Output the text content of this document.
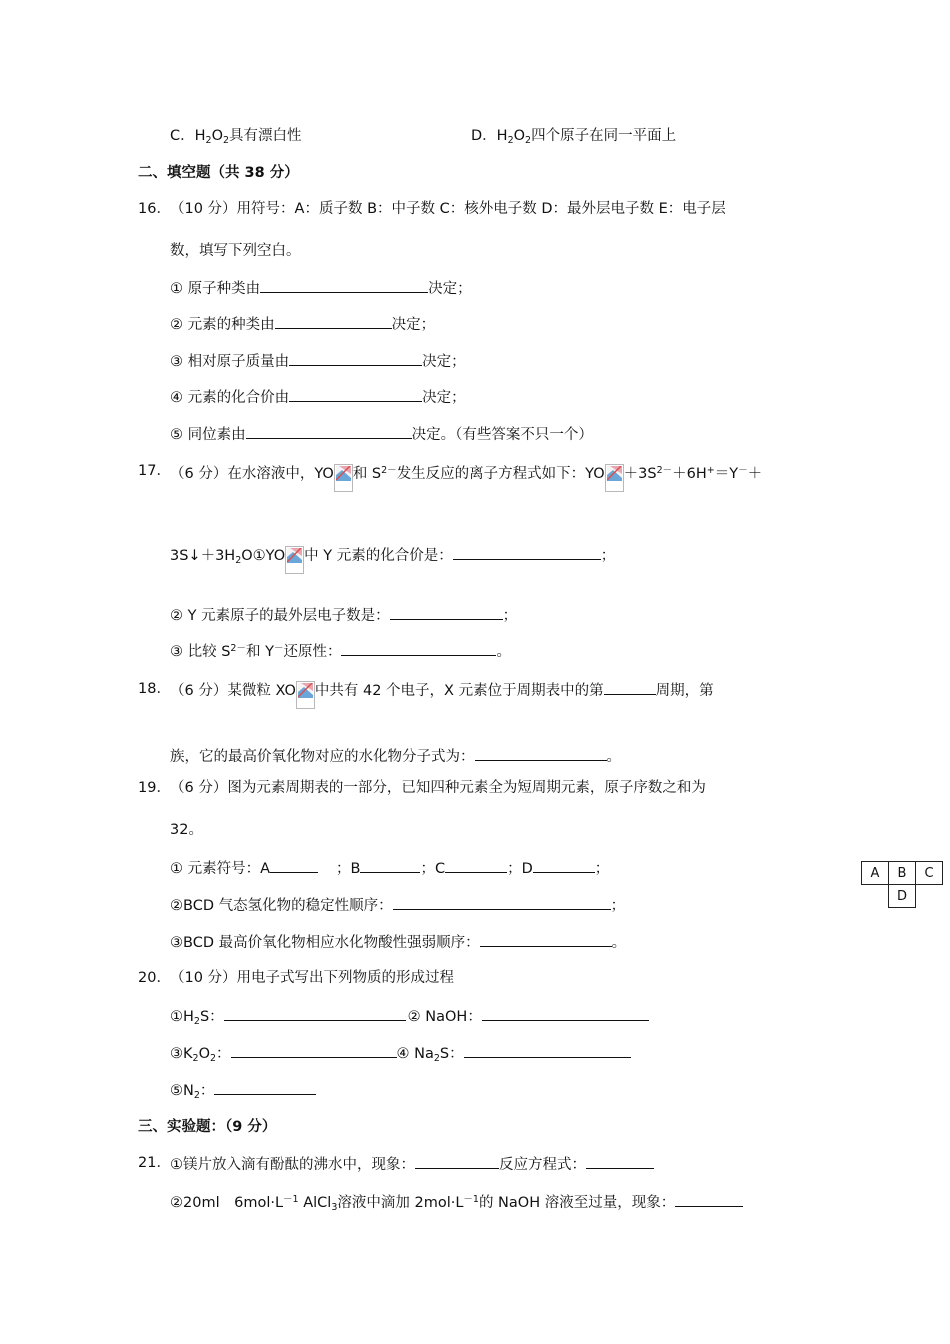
C．$H_2O_2$具有漂白性	D．$H_2O_2$四个原子在同一平面上
二、填空题（共 38 分）
16． （10 分）用符号：A：质子数 B：中子数 C：核外电子数 D：最外层电子数 E：电子层
数，填写下列空白。
① 原子种类由	决定；
② 元素的种类由	决定；
③ 相对原子质量由	决定；
④ 元素的化合价由	决定；
⑤ 同位素由	决定。（有些答案不只一个）
17． （6 分）在水溶液中，YO 和 $S^{2-}$发生反应的离子方程式如下：YO $+3S^{2-}+6H^+=Y^-+$
$3S↓+3H_2O①YO$ 中 Y 元素的化合价是：	；
② Y 元素原子的最外层电子数是：	；
③ 比较 $S^{2-}$和 Y－还原性：	。
18． （6 分）某微粒 XO 中共有 42 个电子，X 元素位于周期表中的第	周期，第
族，它的最高价氧化物对应的水化物分子式为：	。
19． （6 分）图为元素周期表的一部分，已知四种元素全为短周期元素，原子序数之和为
32。
① 元素符号：A	；B	；C	；D	；
②BCD 气态氢化物的稳定性顺序：	；
③BCD 最高价氧化物相应水化物酸性强弱顺序：	。
A	B	C
	D	
20． （10 分）用电子式写出下列物质的形成过程
$①H_2S$：	② NaOH：
$③K_2O_2$：	④ $Na_2S$：
$⑤N_2$：
三、实验题：（9 分）
21． ①镁片放入滴有酚酞的沸水中，现象：	反应方程式：
②20ml　$6mol\cdot L^{-1}$ AlCl$_3$溶液中滴加 $2mol\cdot L^{-1}$的 NaOH 溶液至过量，现象：
